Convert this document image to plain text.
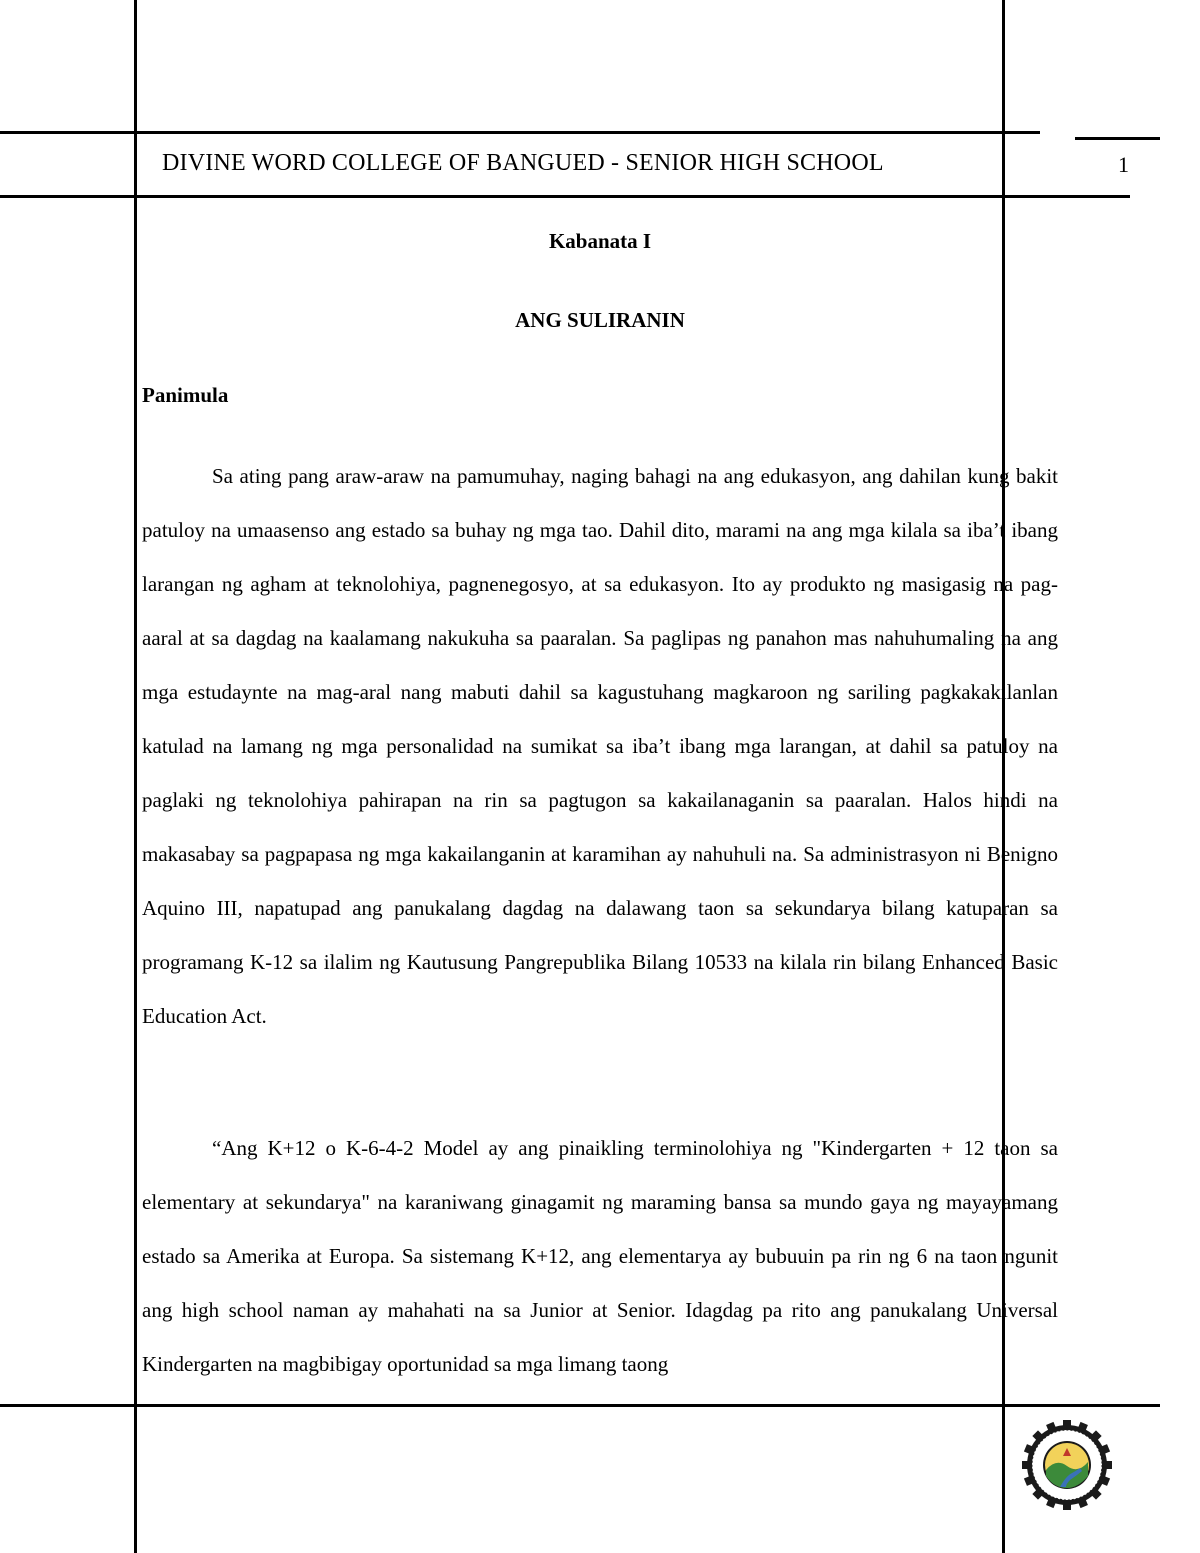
DIVINE WORD COLLEGE OF BANGUED - SENIOR HIGH SCHOOL	1
Kabanata I
ANG SULIRANIN
Panimula

Sa ating pang araw-araw na pamumuhay, naging bahagi na ang edukasyon, ang dahilan kung bakit patuloy na umaasenso ang estado sa buhay ng mga tao. Dahil dito, marami na ang mga kilala sa iba’t ibang larangan ng agham at teknolohiya, pagnenegosyo, at sa edukasyon. Ito ay produkto ng masigasig na pag-aaral at sa dagdag na kaalamang nakukuha sa paaralan. Sa paglipas ng panahon mas nahuhumaling na ang mga estudaynte na mag-aral nang mabuti dahil sa kagustuhang magkaroon ng sariling pagkakakilanlan katulad na lamang ng mga personalidad na sumikat sa iba’t ibang mga larangan, at dahil sa patuloy na paglaki ng teknolohiya pahirapan na rin sa pagtugon sa kakailanaganin sa paaralan. Halos hindi na makasabay sa pagpapasa ng mga kakailanganin at karamihan ay nahuhuli na. Sa administrasyon ni Benigno Aquino III, napatupad ang panukalang dagdag na dalawang taon sa sekundarya bilang katuparan sa programang K-12 sa ilalim ng Kautusung Pangrepublika Bilang 10533 na kilala rin bilang Enhanced Basic Education Act.

“Ang K+12 o K-6-4-2 Model ay ang pinaikling terminolohiya ng "Kindergarten + 12 taon sa elementary at sekundarya" na karaniwang ginagamit ng maraming bansa sa mundo gaya ng mayayamang estado sa Amerika at Europa. Sa sistemang K+12, ang elementarya ay bubuuin pa rin ng 6 na taon ngunit ang high school naman ay mahahati na sa Junior at Senior. Idagdag pa rito ang panukalang Universal Kindergarten na magbibigay oportunidad sa mga limang taong
